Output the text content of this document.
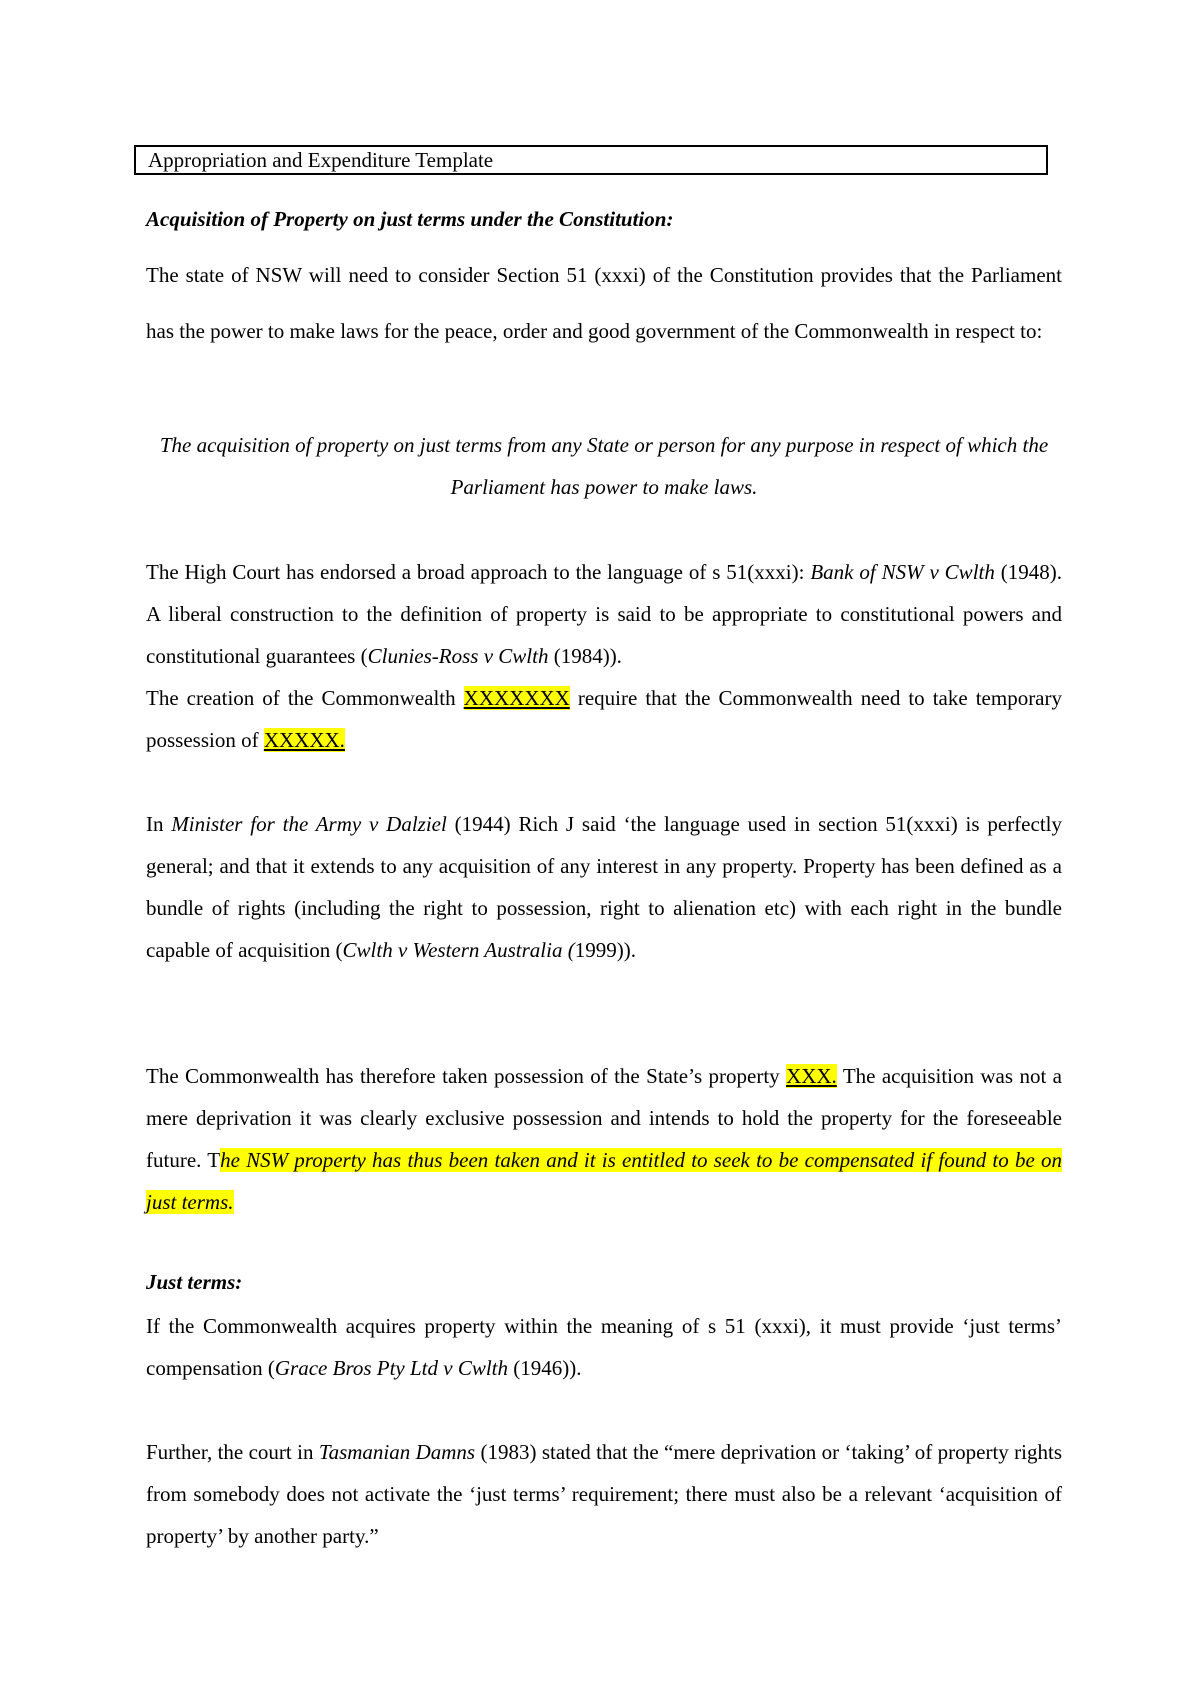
Appropriation and Expenditure Template
Acquisition of Property on just terms under the Constitution:
The state of NSW will need to consider Section 51 (xxxi) of the Constitution provides that the Parliament has the power to make laws for the peace, order and good government of the Commonwealth in respect to:
The acquisition of property on just terms from any State or person for any purpose in respect of which the Parliament has power to make laws.
The High Court has endorsed a broad approach to the language of s 51(xxxi): Bank of NSW v Cwlth (1948). A liberal construction to the definition of property is said to be appropriate to constitutional powers and constitutional guarantees (Clunies-Ross v Cwlth (1984)).
The creation of the Commonwealth XXXXXXX require that the Commonwealth need to take temporary possession of XXXXX.
In Minister for the Army v Dalziel (1944) Rich J said ‘the language used in section 51(xxxi) is perfectly general; and that it extends to any acquisition of any interest in any property. Property has been defined as a bundle of rights (including the right to possession, right to alienation etc) with each right in the bundle capable of acquisition (Cwlth v Western Australia (1999)).
The Commonwealth has therefore taken possession of the State’s property XXX. The acquisition was not a mere deprivation it was clearly exclusive possession and intends to hold the property for the foreseeable future. The NSW property has thus been taken and it is entitled to seek to be compensated if found to be on just terms.
Just terms:
If the Commonwealth acquires property within the meaning of s 51 (xxxi), it must provide ‘just terms’ compensation (Grace Bros Pty Ltd v Cwlth (1946)).
Further, the court in Tasmanian Damns (1983) stated that the “mere deprivation or ‘taking’ of property rights from somebody does not activate the ‘just terms’ requirement; there must also be a relevant ‘acquisition of property’ by another party.”
